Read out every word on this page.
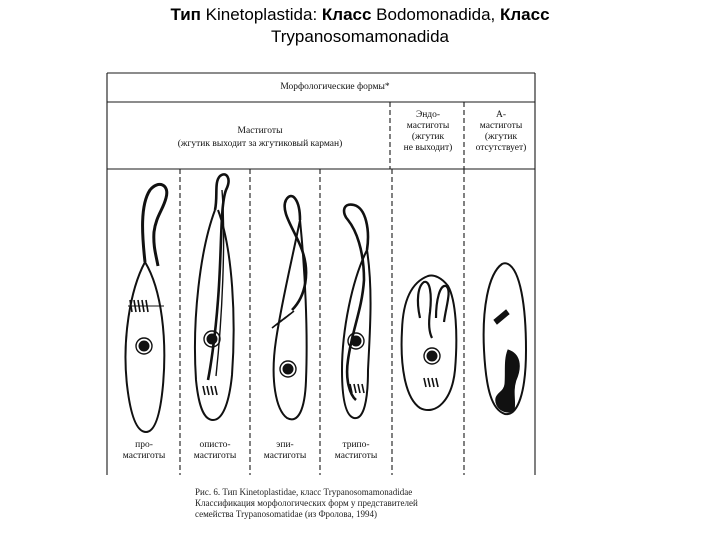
Тип Kinetoplastida: Класс Bodomonadida, Класс
Trypanosomamonadida
Морфологические формы*
Мастиготы
(жгутик выходит за жгутиковый карман)
Эндо-
мастиготы
(жгутик
не выходит)
А-
мастиготы
(жгутик
отсутствует)
про-
мастиготы
описто-
мастиготы
эпи-
мастиготы
трипо-
мастиготы
Рис. 6. Тип Kinetoplastidae, класс Trypanosomamonadidae
Классификация морфологических форм у представителей
семейства Trypanosomatidae (из Фролова, 1994)
